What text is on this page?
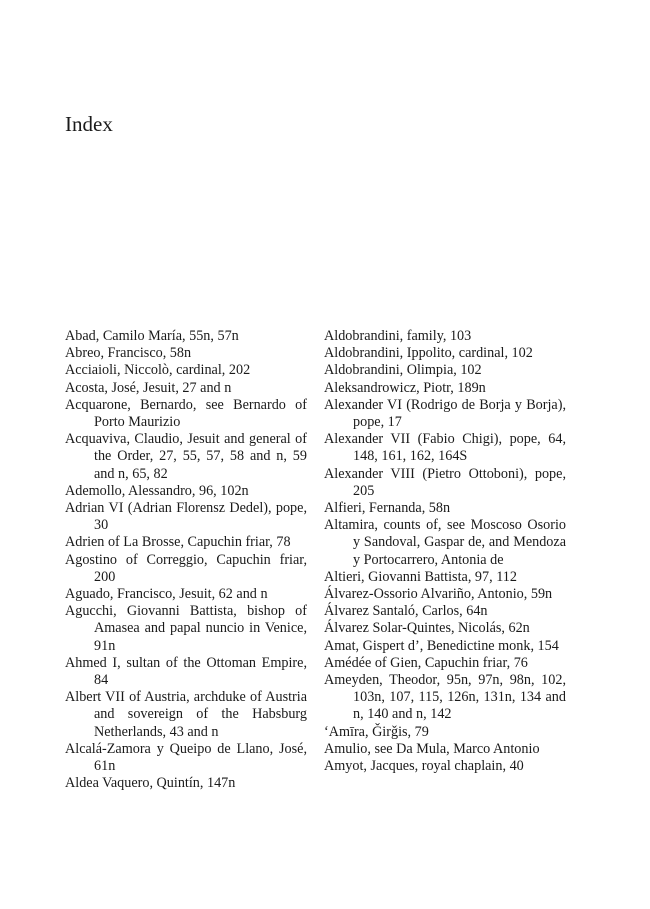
Index

Abad, Camilo María, 55n, 57n

Abreo, Francisco, 58n

Acciaioli, Niccolò, cardinal, 202

Acosta, José, Jesuit, 27 and n

Acquarone, Bernardo, see Bernardo of Porto Maurizio

Acquaviva, Claudio, Jesuit and general of the Order, 27, 55, 57, 58 and n, 59 and n, 65, 82

Ademollo, Alessandro, 96, 102n

Adrian VI (Adrian Florensz Dedel), pope, 30

Adrien of La Brosse, Capuchin friar, 78

Agostino of Correggio, Capuchin friar, 200

Aguado, Francisco, Jesuit, 62 and n

Agucchi, Giovanni Battista, bishop of Amasea and papal nuncio in Venice, 91n

Ahmed I, sultan of the Ottoman Empire, 84

Albert VII of Austria, archduke of Austria and sovereign of the Habsburg Netherlands, 43 and n

Alcalá-Zamora y Queipo de Llano, José, 61n

Aldea Vaquero, Quintín, 147n

Aldobrandini, family, 103

Aldobrandini, Ippolito, cardinal, 102

Aldobrandini, Olimpia, 102

Aleksandrowicz, Piotr, 189n

Alexander VI (Rodrigo de Borja y Borja), pope, 17

Alexander VII (Fabio Chigi), pope, 64, 148, 161, 162, 164S

Alexander VIII (Pietro Ottoboni), pope, 205

Alfieri, Fernanda, 58n

Altamira, counts of, see Moscoso Osorio y Sandoval, Gaspar de, and Mendoza y Portocarrero, Antonia de

Altieri, Giovanni Battista, 97, 112

Álvarez-Ossorio Alvariño, Antonio, 59n

Álvarez Santaló, Carlos, 64n

Álvarez Solar-Quintes, Nicolás, 62n

Amat, Gispert d’, Benedictine monk, 154

Amédée of Gien, Capuchin friar, 76

Ameyden, Theodor, 95n, 97n, 98n, 102, 103n, 107, 115, 126n, 131n, 134 and n, 140 and n, 142

‘Amīra, Ǧirǧis, 79

Amulio, see Da Mula, Marco Antonio

Amyot, Jacques, royal chaplain, 40
